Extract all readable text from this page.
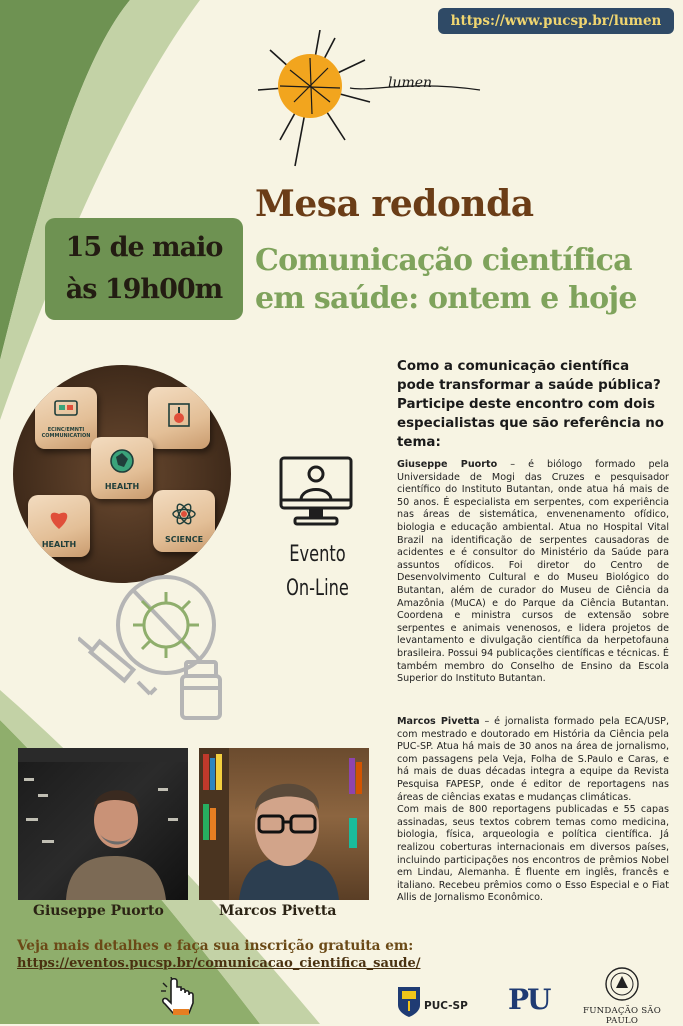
https://www.pucsp.br/lumen
lumen
Mesa redonda
15 de maio
às 19h00m
Comunicação científica
em saúde: ontem e hoje
ECINC/EMNTI COMMUNICATION
HEALTH
HEALTH
SCIENCE
Evento
On-Line
Como a comunicação científica pode transformar a saúde pública?
Participe deste encontro com dois especialistas que são referência no tema:

Giuseppe Puorto – é biólogo formado pela Universidade de Mogi das Cruzes e pesquisador científico do Instituto Butantan, onde atua há mais de 50 anos. É especialista em serpentes, com experiência nas áreas de sistemática, envenenamento ofídico, biologia e educação ambiental. Atua no Hospital Vital Brazil na identificação de serpentes causadoras de acidentes e é consultor do Ministério da Saúde para assuntos ofídicos. Foi diretor do Centro de Desenvolvimento Cultural e do Museu Biológico do Butantan, além de curador do Museu de Ciência da Amazônia (MuCA) e do Parque da Ciência Butantan. Coordena e ministra cursos de extensão sobre serpentes e animais venenosos, e lidera projetos de levantamento e divulgação científica da herpetofauna brasileira. Possui 94 publicações científicas e técnicas. É também membro do Conselho de Ensino da Escola Superior do Instituto Butantan.

Marcos Pivetta – é jornalista formado pela ECA/USP, com mestrado e doutorado em História da Ciência pela PUC-SP. Atua há mais de 30 anos na área de jornalismo, com passagens pela Veja, Folha de S.Paulo e Caras, e há mais de duas décadas integra a equipe da Revista Pesquisa FAPESP, onde é editor de reportagens nas áreas de ciências exatas e mudanças climáticas.
Com mais de 800 reportagens publicadas e 55 capas assinadas, seus textos cobrem temas como medicina, biologia, física, arqueologia e política científica. Já realizou coberturas internacionais em diversos países, incluindo participações nos encontros de prêmios Nobel em Lindau, Alemanha. É fluente em inglês, francês e italiano. Recebeu prêmios como o Esso Especial e o Fiat Allis de Jornalismo Econômico.

Giuseppe Puorto	Marcos Pivetta

Veja mais detalhes e faça sua inscrição gratuita em:

https://eventos.pucsp.br/comunicacao_cientifica_saude/
PUC-SP PU	FUNDAÇÃO SÃO PAULO
